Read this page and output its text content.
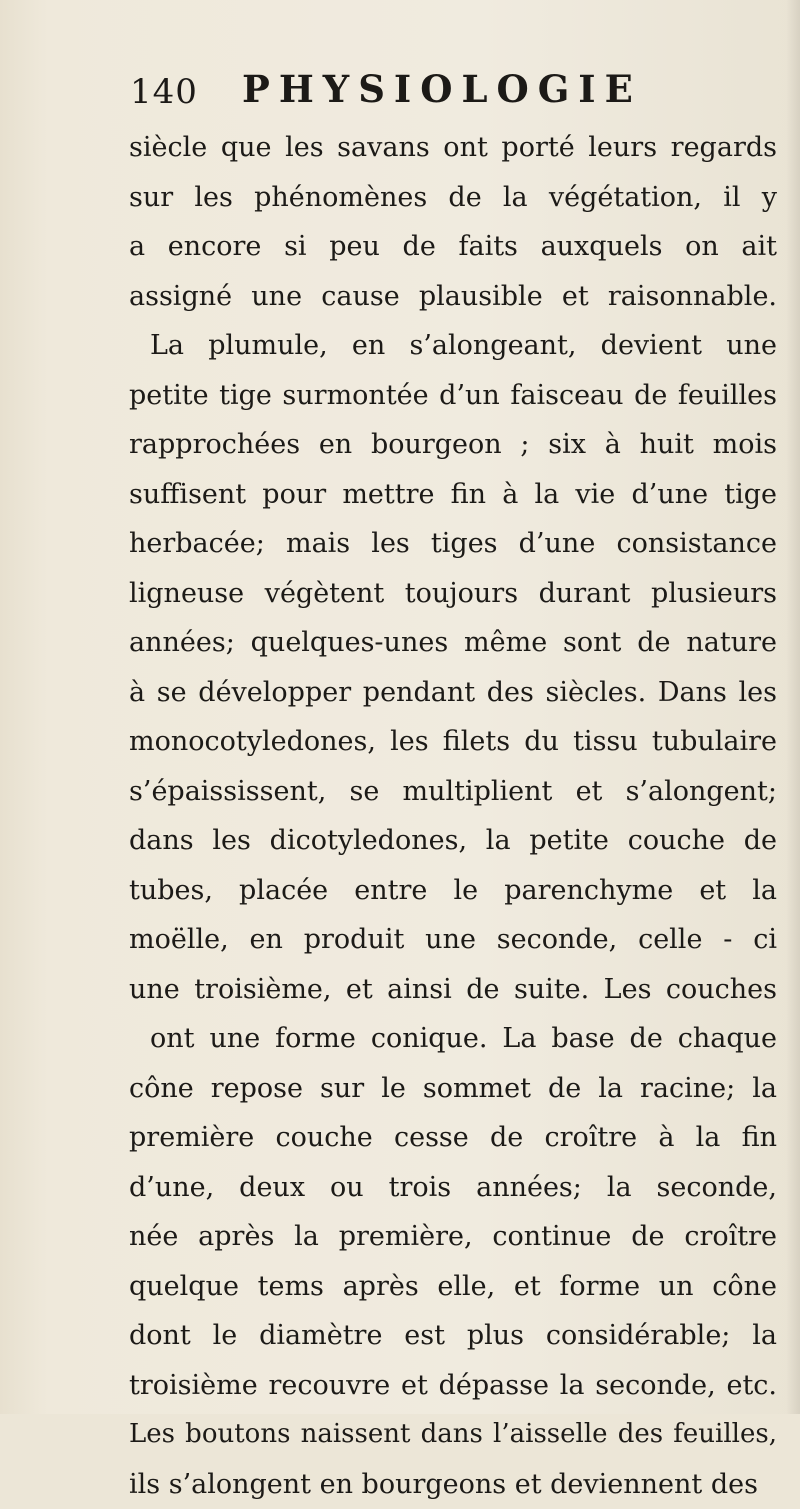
140 PHYSIOLOGIE
siècle que les savans ont porté leurs regards
sur les phénomènes de la végétation, il y
a encore si peu de faits auxquels on ait
assigné une cause plausible et raisonnable.
La plumule, en s’alongeant, devient une
petite tige surmontée d’un faisceau de feuilles
rapprochées en bourgeon ; six à huit mois
suffisent pour mettre fin à la vie d’une tige
herbacée; mais les tiges d’une consistance
ligneuse végètent toujours durant plusieurs
années; quelques-unes même sont de nature
à se développer pendant des siècles. Dans les
monocotyledones, les filets du tissu tubulaire
s’épaississent, se multiplient et s’alongent;
dans les dicotyledones, la petite couche de
tubes, placée entre le parenchyme et la
moëlle, en produit une seconde, celle - ci
une troisième, et ainsi de suite. Les couches
ont une forme conique. La base de chaque
cône repose sur le sommet de la racine; la
première couche cesse de croître à la fin
d’une, deux ou trois années; la seconde,
née après la première, continue de croître
quelque tems après elle, et forme un cône
dont le diamètre est plus considérable; la
troisième recouvre et dépasse la seconde, etc.
Les boutons naissent dans l’aisselle des feuilles,
ils s’alongent en bourgeons et deviennent des
